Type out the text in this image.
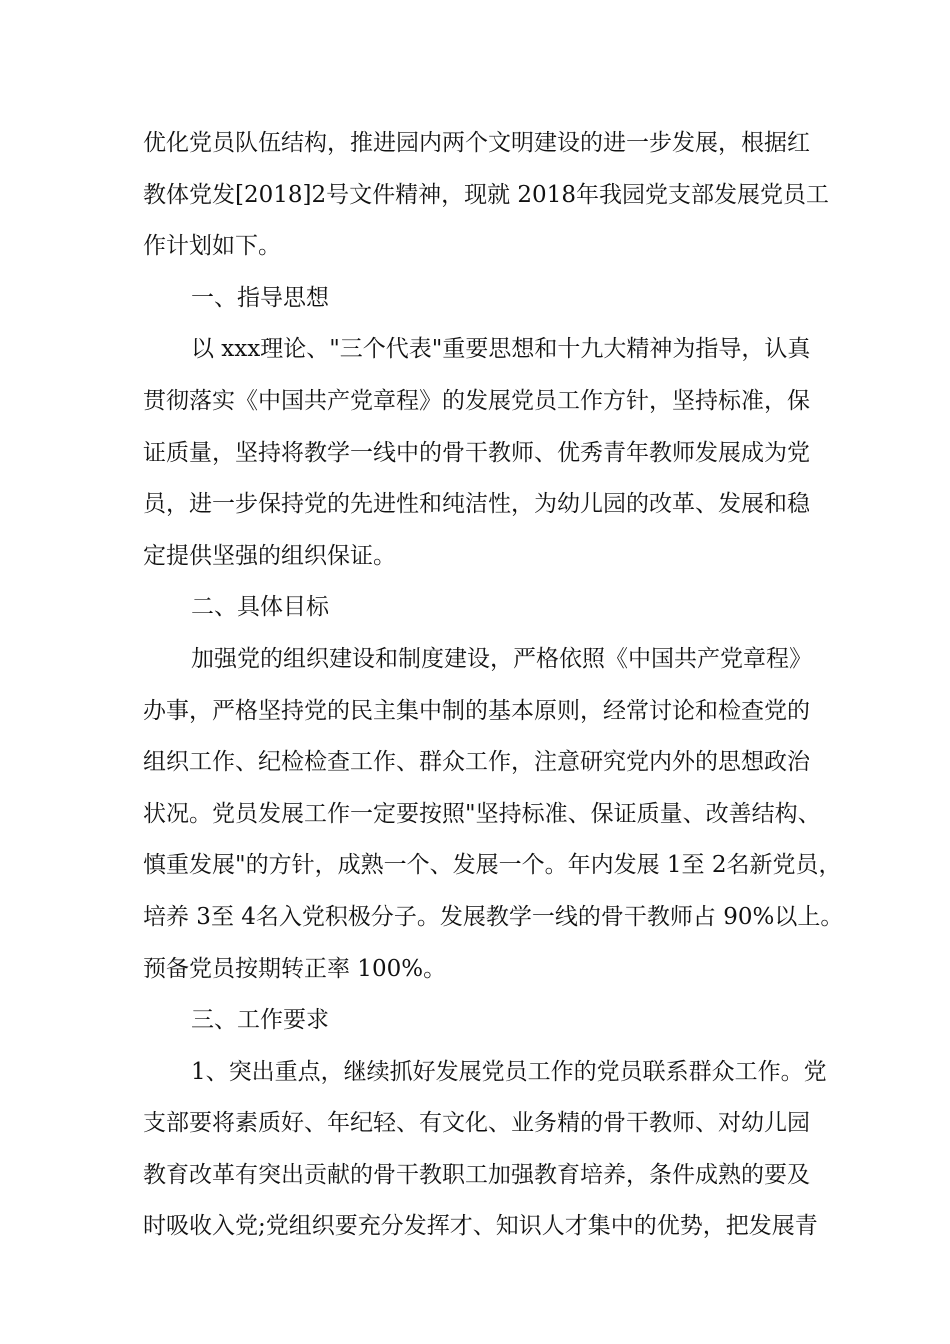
优化党员队伍结构，推进园内两个文明建设的进一步发展，根据红
教体党发[2018]2号文件精神，现就 2018年我园党支部发展党员工
作计划如下。
一、指导思想
以 xxx理论、"三个代表"重要思想和十九大精神为指导，认真
贯彻落实《中国共产党章程》的发展党员工作方针，坚持标准，保
证质量，坚持将教学一线中的骨干教师、优秀青年教师发展成为党
员，进一步保持党的先进性和纯洁性，为幼儿园的改革、发展和稳
定提供坚强的组织保证。
二、具体目标
加强党的组织建设和制度建设，严格依照《中国共产党章程》
办事，严格坚持党的民主集中制的基本原则，经常讨论和检查党的
组织工作、纪检检查工作、群众工作，注意研究党内外的思想政治
状况。党员发展工作一定要按照"坚持标准、保证质量、改善结构、
慎重发展"的方针，成熟一个、发展一个。年内发展 1至 2名新党员，
培养 3至 4名入党积极分子。发展教学一线的骨干教师占 90%以上。
预备党员按期转正率 100%。
三、工作要求
1、突出重点，继续抓好发展党员工作的党员联系群众工作。党
支部要将素质好、年纪轻、有文化、业务精的骨干教师、对幼儿园
教育改革有突出贡献的骨干教职工加强教育培养，条件成熟的要及
时吸收入党;党组织要充分发挥才、知识人才集中的优势，把发展青
